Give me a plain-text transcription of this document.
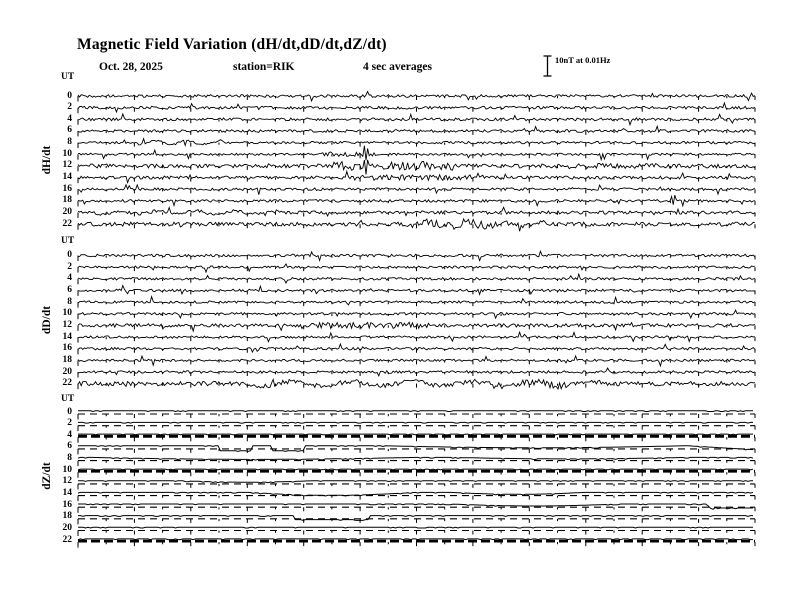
Magnetic Field Variation (dH/dt,dD/dt,dZ/dt)
Oct. 28, 2025	station=RIK	4 sec averages
10nT at 0.01Hz
UT
dH/dt
0
2
4
6
8
10
12
14
16
18
20
22
UT
dD/dt
0
2
4
6
8
10
12
14
16
18
20
22
UT
dZ/dt
0
2
4
6
8
10
12
14
16
18
20
22
